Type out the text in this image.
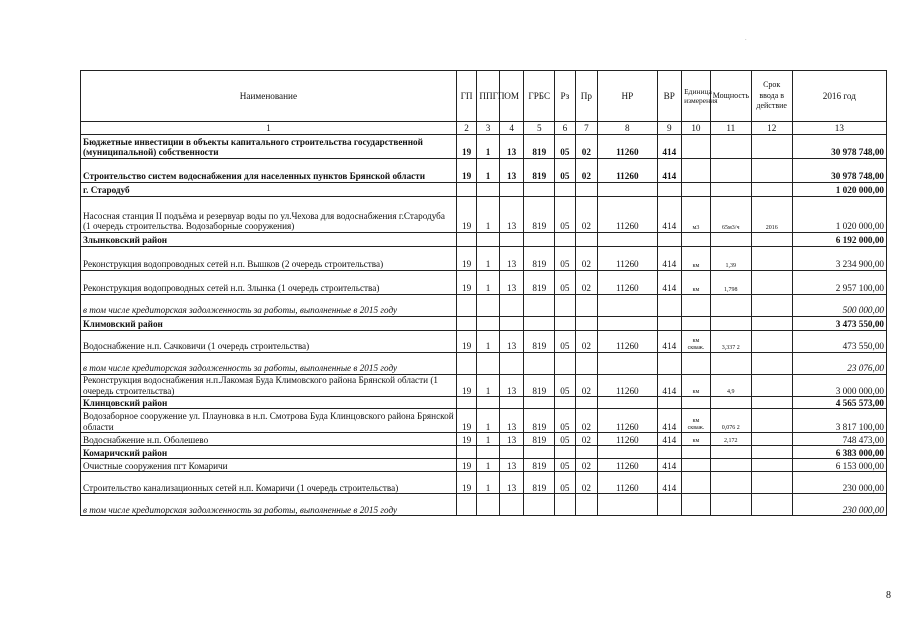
·
Наименование	ГП	ППГП	ОМ	ГРБС	Рз	Пр	НР	ВР	Единица измерения	Мощность	Срок ввода в действие	2016 год
1	2	3	4	5	6	7	8	9	10	11	12	13
Бюджетные инвестиции в объекты капитального строительства государственной (муниципальной) собственности	19	1	13	819	05	02	11260	414				30 978 748,00
Строительство систем водоснабжения для населенных пунктов Брянской области	19	1	13	819	05	02	11260	414				30 978 748,00
г. Стародуб												1 020 000,00
Насосная станция II подъёма и резервуар воды по ул.Чехова для водоснабжения г.Стародуба (1 очередь строительства. Водозаборные сооружения)	19	1	13	819	05	02	11260	414	м3	65м3/ч	2016	1 020 000,00
Злынковский район												6 192 000,00
Реконструкция водопроводных сетей н.п. Вышков (2 очередь строительства)	19	1	13	819	05	02	11260	414	км	1,39		3 234 900,00
Реконструкция водопроводных сетей н.п. Злынка (1 очередь строительства)	19	1	13	819	05	02	11260	414	км	1,798		2 957 100,00
в том числе кредиторская задолженность за работы, выполненные в 2015 году												500 000,00
Климовский район												3 473 550,00
Водоснабжение н.п. Сачковичи (1 очередь строительства)	19	1	13	819	05	02	11260	414	км скваж.	3,337 2		473 550,00
в том числе кредиторская задолженность за работы, выполненные в 2015 году												23 076,00
Реконструкция водоснабжения н.п.Лакомая Буда Климовского района Брянской области (1 очередь строительства)	19	1	13	819	05	02	11260	414	км	4,9		3 000 000,00
Клинцовский район												4 565 573,00
Водозаборное сооружение ул. Плауновка в н.п. Смотрова Буда Клинцовского района Брянской области	19	1	13	819	05	02	11260	414	км скваж.	0,076 2		3 817 100,00
Водоснабжение н.п. Оболешево	19	1	13	819	05	02	11260	414	км	2,172		748 473,00
Комаричский район												6 383 000,00
Очистные сооружения пгт Комаричи	19	1	13	819	05	02	11260	414				6 153 000,00
Строительство канализационных сетей н.п. Комаричи (1 очередь строительства)	19	1	13	819	05	02	11260	414				230 000,00
в том числе кредиторская задолженность за работы, выполненные в 2015 году												230 000,00
8
